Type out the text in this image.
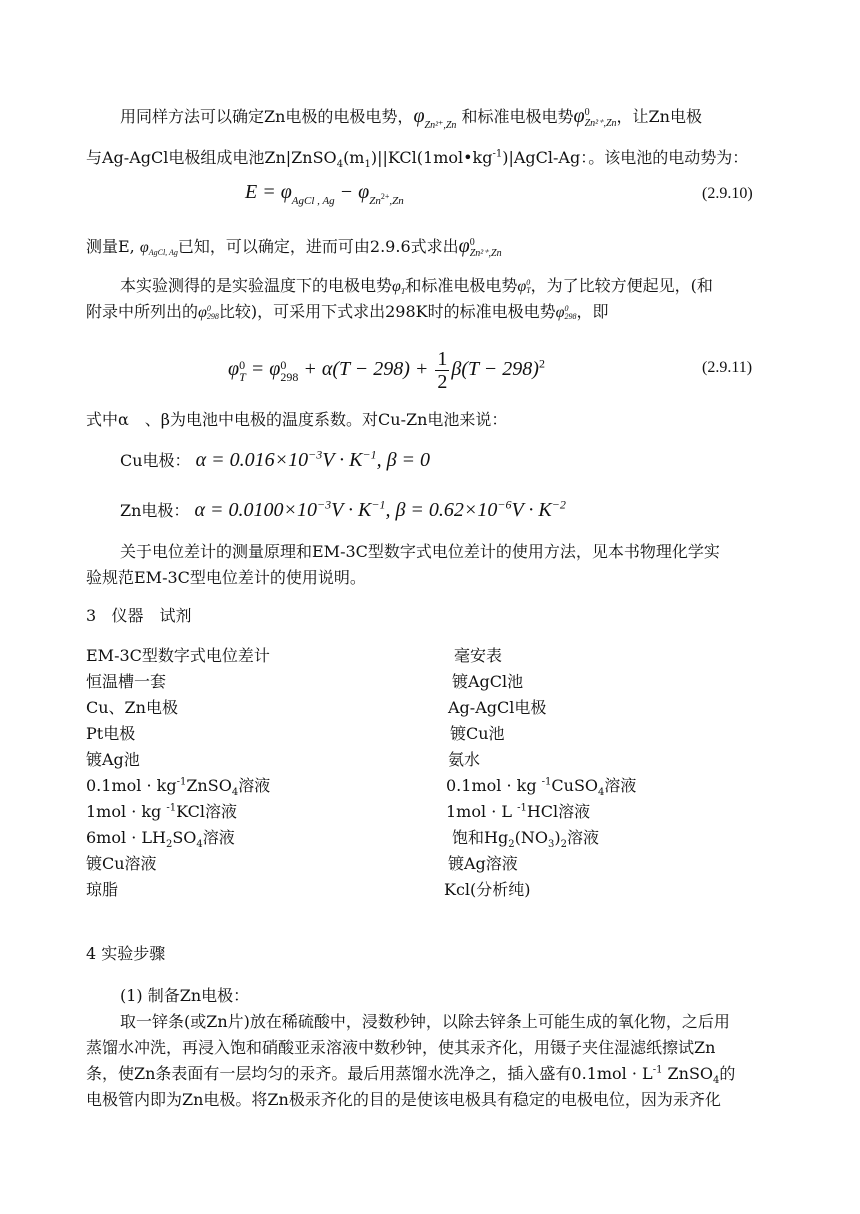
用同样方法可以确定Zn电极的电极电势，$\varphi_{Zn^{2+},Zn}$ 和标准电极电势φ 0
Zn²⁺,Zn ，让Zn电极
与Ag-AgCl电极组成电池$Zn|ZnSO_4(m_1)||KCl(1mol•kg^{-1})|AgCl-Ag$：。该电池的电动势为：
$E = \varphi_{AgCl , Ag} - \varphi_{Zn^{2+},Zn}$	(2.9.10)
测量E, φAgCl, Ag已知，可以确定，进而可由2.9.6式求出φ 0
Zn²⁺,Zn
本实验测得的是实验温度下的电极电势φT和标准电极电势φ 0
T ，为了比较方便起见，(和
附录中所列出的φ 0
298 比较)，可采用下式求出298K时的标准电极电势φ 0
298 ，即
φ 0
T = φ 0
$298 + \alpha(T - 298) + \frac{1}{2} \beta(T - 298)^2$	(2.9.11)
式中α　、β为电池中电极的温度系数。对Cu-Zn电池来说：
Cu电极： $\alpha = 0.016\times 10^{-3}V \cdot K^{-1}$, β = 0
Zn电极： $\alpha = 0.0100\times 10^{-3}V \cdot K^{-1}$, $\beta = 0.62\times 10^{-6}V \cdot K^{-2}$
关于电位差计的测量原理和EM-3C型数字式电位差计的使用方法，见本书物理化学实
验规范EM-3C型电位差计的使用说明。
3 仪器　试剂
EM-3C型数字式电位差计	毫安表
恒温槽一套	镀AgCl池
Cu、Zn电极	Ag-AgCl电极
Pt电极	镀Cu池
镀Ag池	氨水
$0.1mol \cdot kg^{-1}ZnSO_4$溶液	0.1mol · kg $^{-1}$CuSO$_4$溶液
1mol · kg $^{-1}$KCl溶液	1mol · L $^{-1}$HCl溶液
$6mol \cdot LH_2SO_4$溶液	饱和$Hg_2(NO_3)_2$溶液
镀Cu溶液	镀Ag溶液
琼脂	Kcl(分析纯)
4 实验步骤
(1) 制备Zn电极：
取一锌条(或Zn片)放在稀硫酸中，浸数秒钟，以除去锌条上可能生成的氧化物，之后用
蒸馏水冲洗，再浸入饱和硝酸亚汞溶液中数秒钟，使其汞齐化，用镊子夹住湿滤纸擦试Zn
条，使Zn条表面有一层均匀的汞齐。最后用蒸馏水洗净之，插入盛有$0.1mol \cdot L^{-1}$ ZnSO$_4$的
电极管内即为Zn电极。将Zn极汞齐化的目的是使该电极具有稳定的电极电位，因为汞齐化
